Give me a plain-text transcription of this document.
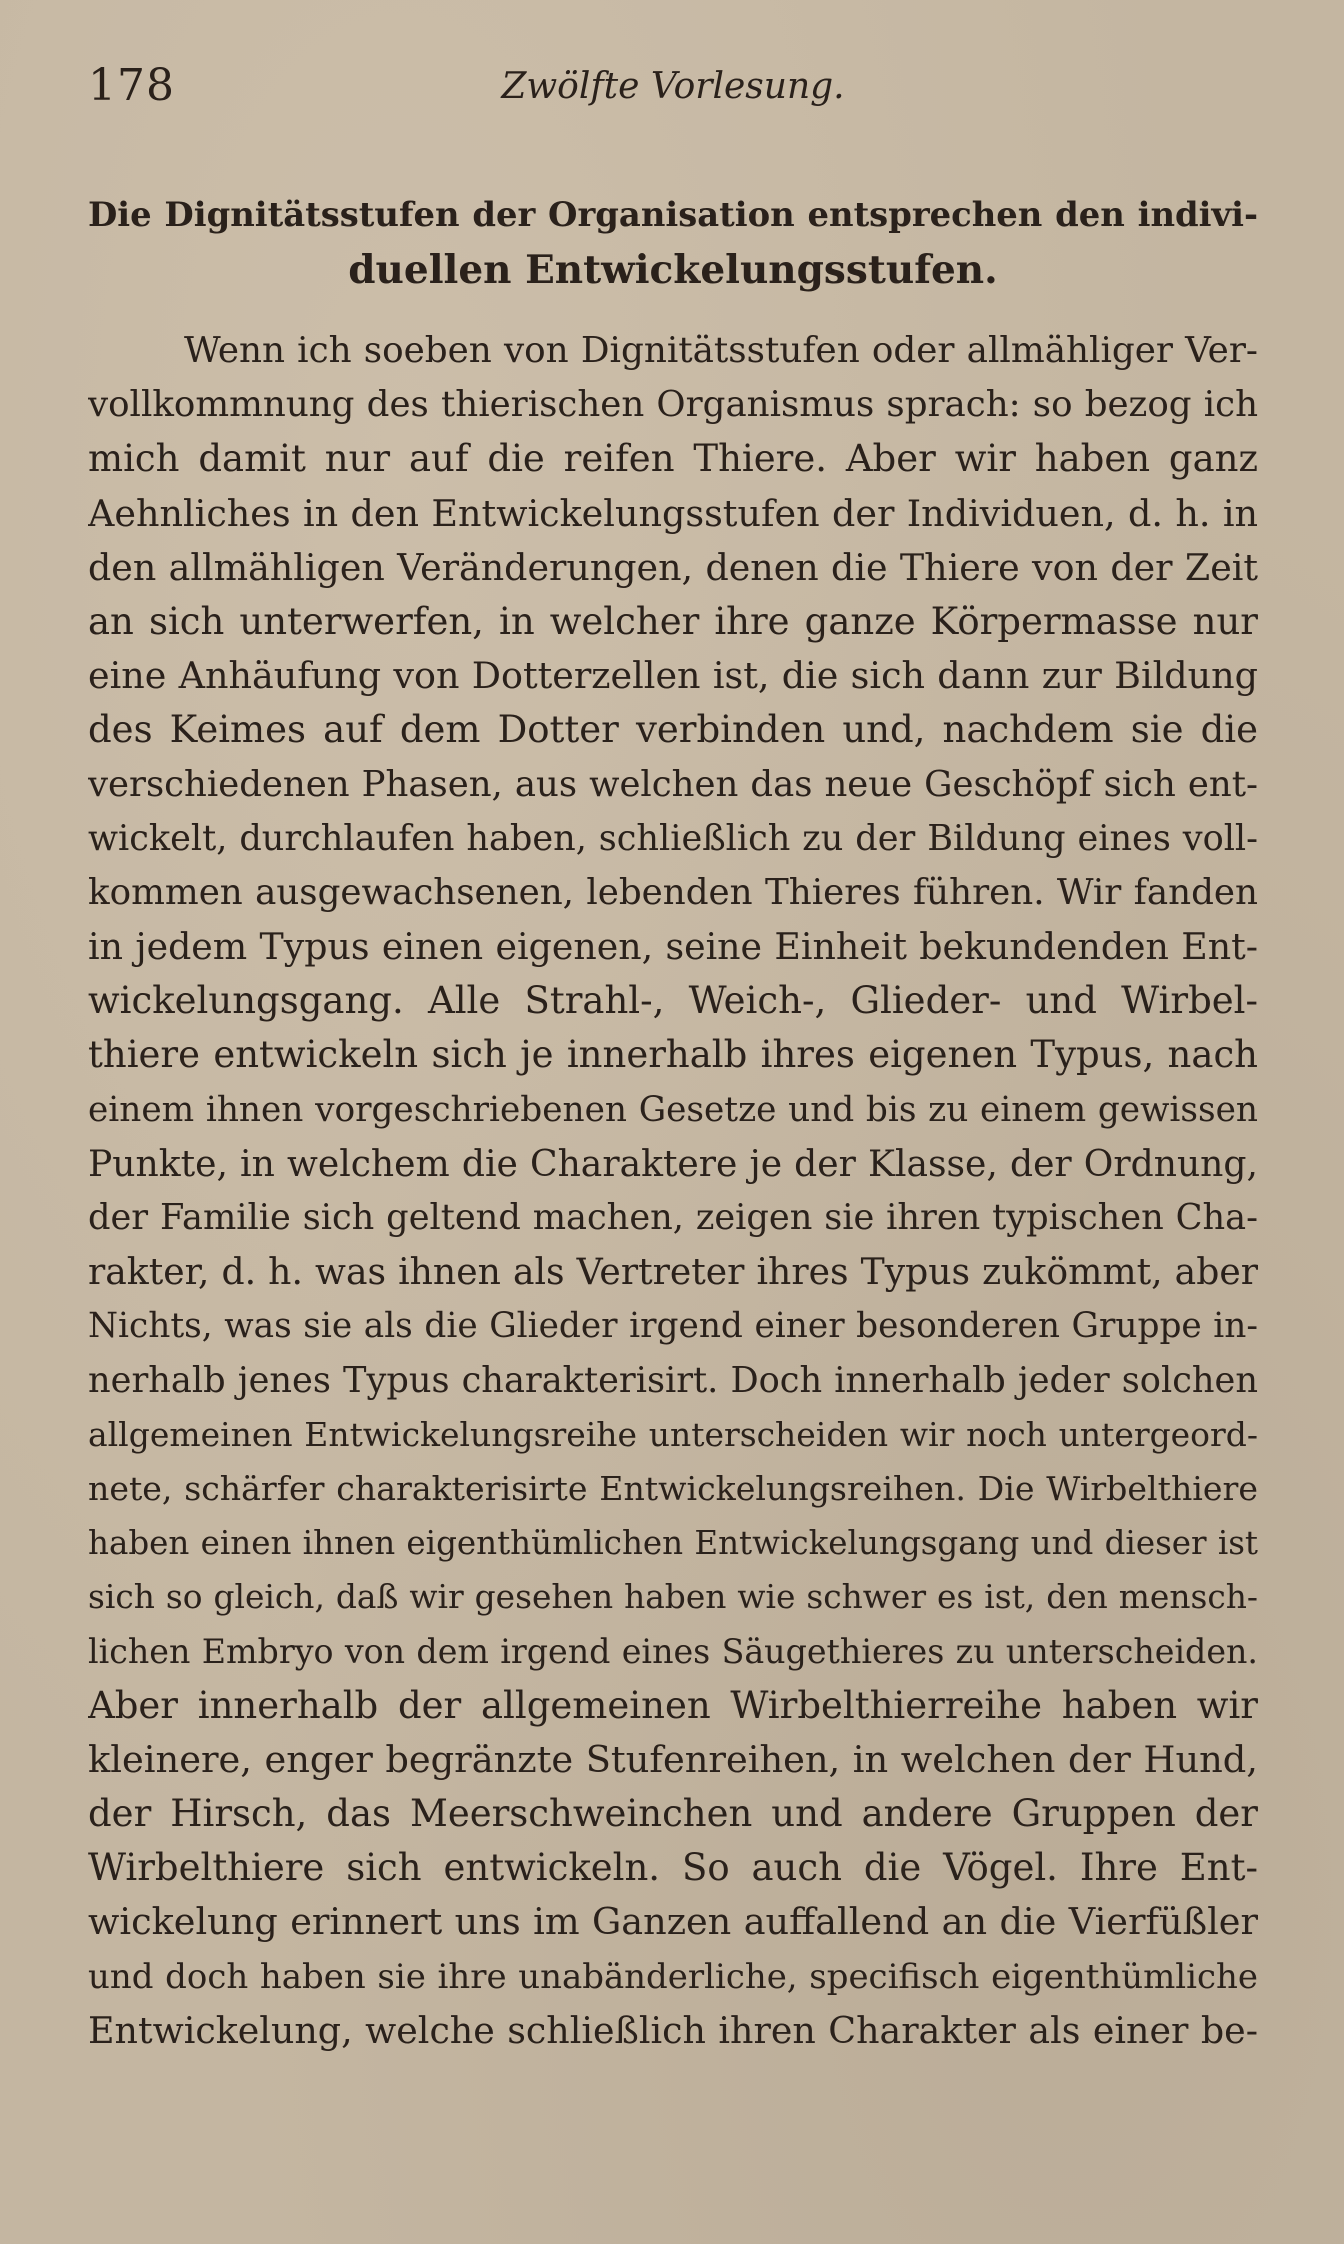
178	Zwölfte Vorlesung.
Die Dignitätsstufen der Organisation entsprechen den indivi-
duellen Entwickelungsstufen.
Wenn ich soeben von Dignitätsstufen oder allmähliger Ver-
vollkommnung des thierischen Organismus sprach: so bezog ich
mich damit nur auf die reifen Thiere. Aber wir haben ganz
Aehnliches in den Entwickelungsstufen der Individuen, d. h. in
den allmähligen Veränderungen, denen die Thiere von der Zeit
an sich unterwerfen, in welcher ihre ganze Körpermasse nur
eine Anhäufung von Dotterzellen ist, die sich dann zur Bildung
des Keimes auf dem Dotter verbinden und, nachdem sie die
verschiedenen Phasen, aus welchen das neue Geschöpf sich ent-
wickelt, durchlaufen haben, schließlich zu der Bildung eines voll-
kommen ausgewachsenen, lebenden Thieres führen. Wir fanden
in jedem Typus einen eigenen, seine Einheit bekundenden Ent-
wickelungsgang. Alle Strahl-, Weich-, Glieder- und Wirbel-
thiere entwickeln sich je innerhalb ihres eigenen Typus, nach
einem ihnen vorgeschriebenen Gesetze und bis zu einem gewissen
Punkte, in welchem die Charaktere je der Klasse, der Ordnung,
der Familie sich geltend machen, zeigen sie ihren typischen Cha-
rakter, d. h. was ihnen als Vertreter ihres Typus zukömmt, aber
Nichts, was sie als die Glieder irgend einer besonderen Gruppe in-
nerhalb jenes Typus charakterisirt. Doch innerhalb jeder solchen
allgemeinen Entwickelungsreihe unterscheiden wir noch untergeord-
nete, schärfer charakterisirte Entwickelungsreihen. Die Wirbelthiere
haben einen ihnen eigenthümlichen Entwickelungsgang und dieser ist
sich so gleich, daß wir gesehen haben wie schwer es ist, den mensch-
lichen Embryo von dem irgend eines Säugethieres zu unterscheiden.
Aber innerhalb der allgemeinen Wirbelthierreihe haben wir
kleinere, enger begränzte Stufenreihen, in welchen der Hund,
der Hirsch, das Meerschweinchen und andere Gruppen der
Wirbelthiere sich entwickeln. So auch die Vögel. Ihre Ent-
wickelung erinnert uns im Ganzen auffallend an die Vierfüßler
und doch haben sie ihre unabänderliche, specifisch eigenthümliche
Entwickelung, welche schließlich ihren Charakter als einer be-
